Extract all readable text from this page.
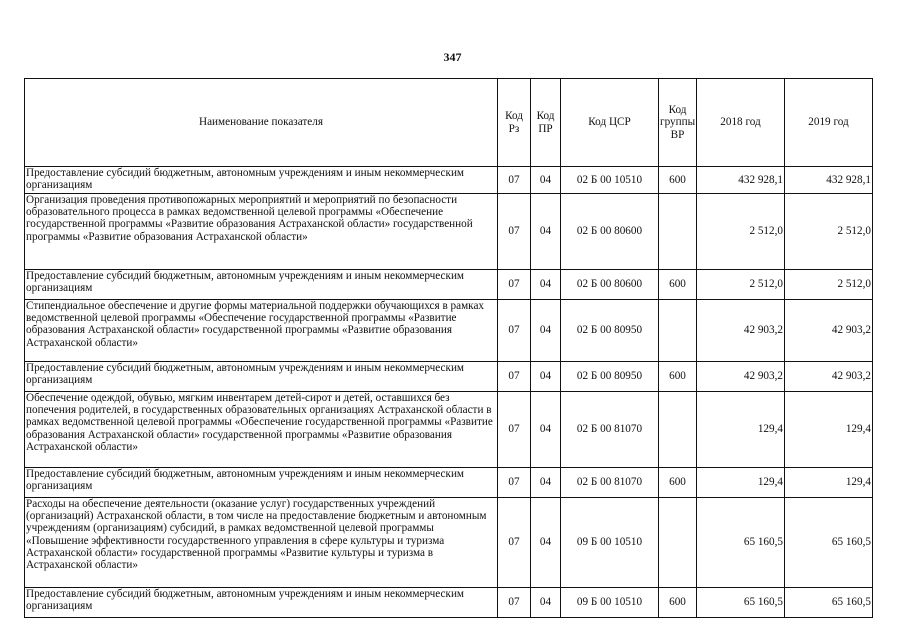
347
Наименование показателя	Код Рз	Код ПР	Код ЦСР	Код группы ВР	2018 год	2019 год
Предоставление субсидий бюджетным, автономным учреждениям и иным некоммерческим организациям	07	04	02 Б 00 10510	600	432 928,1	432 928,1
Организация проведения противопожарных мероприятий и мероприятий по безопасности образовательного процесса в рамках ведомственной целевой программы «Обеспечение государственной программы «Развитие образования Астраханской области» государственной программы «Развитие образования Астраханской области»	07	04	02 Б 00 80600		2 512,0	2 512,0
Предоставление субсидий бюджетным, автономным учреждениям и иным некоммерческим организациям	07	04	02 Б 00 80600	600	2 512,0	2 512,0
Стипендиальное обеспечение и другие формы материальной поддержки обучающихся в рамках ведомственной целевой программы «Обеспечение государственной программы «Развитие образования Астраханской области» государственной программы «Развитие образования Астраханской области»	07	04	02 Б 00 80950		42 903,2	42 903,2
Предоставление субсидий бюджетным, автономным учреждениям и иным некоммерческим организациям	07	04	02 Б 00 80950	600	42 903,2	42 903,2
Обеспечение одеждой, обувью, мягким инвентарем детей-сирот и детей, оставшихся без попечения родителей, в государственных образовательных организациях Астраханской области в рамках ведомственной целевой программы «Обеспечение государственной программы «Развитие образования Астраханской области» государственной программы «Развитие образования Астраханской области»	07	04	02 Б 00 81070		129,4	129,4
Предоставление субсидий бюджетным, автономным учреждениям и иным некоммерческим организациям	07	04	02 Б 00 81070	600	129,4	129,4
Расходы на обеспечение деятельности (оказание услуг) государственных учреждений (организаций) Астраханской области, в том числе на предоставление бюджетным и автономным учреждениям (организациям) субсидий, в рамках ведомственной целевой программы «Повышение эффективности государственного управления в сфере культуры и туризма Астраханской области» государственной программы «Развитие культуры и туризма в Астраханской области»	07	04	09 Б 00 10510		65 160,5	65 160,5
Предоставление субсидий бюджетным, автономным учреждениям и иным некоммерческим организациям	07	04	09 Б 00 10510	600	65 160,5	65 160,5
